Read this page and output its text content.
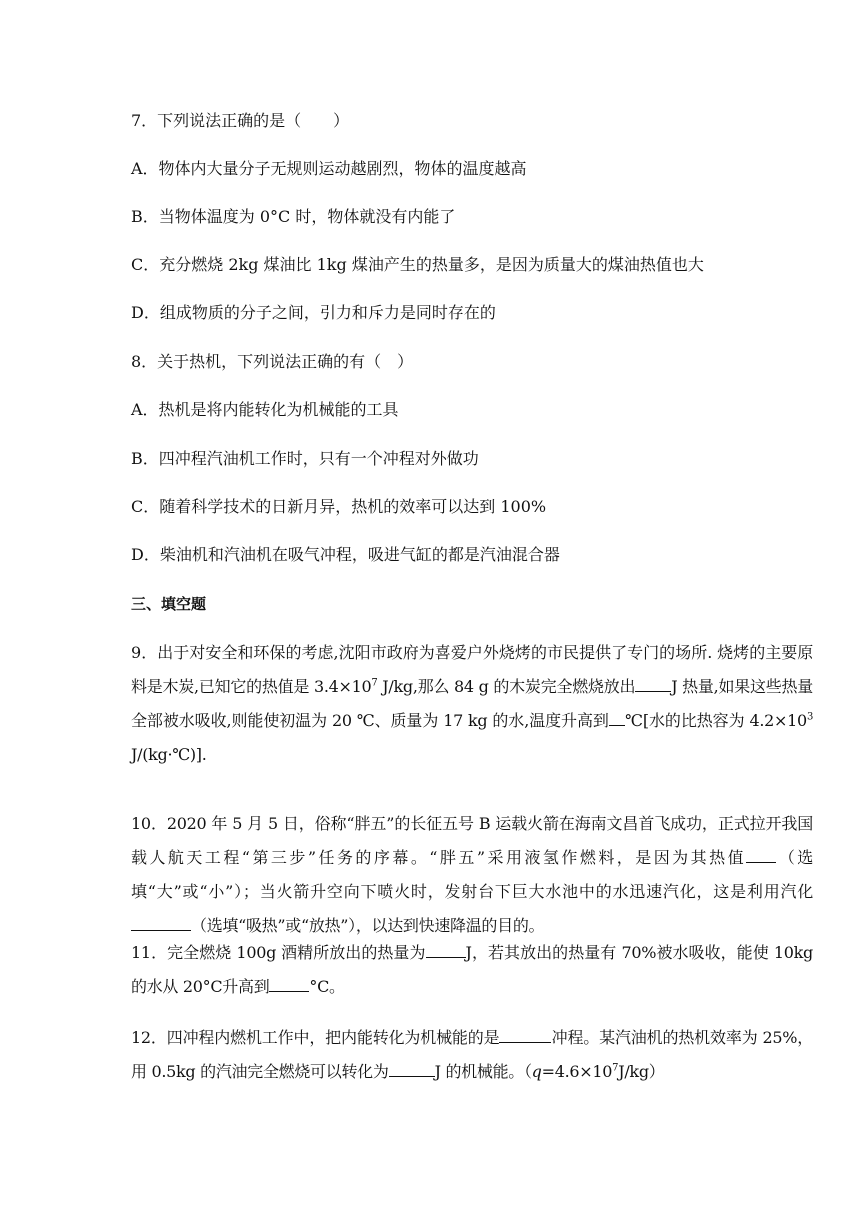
7．下列说法正确的是（　　）
A．物体内大量分子无规则运动越剧烈，物体的温度越高
B．当物体温度为 0°C 时，物体就没有内能了
C．充分燃烧 2kg 煤油比 1kg 煤油产生的热量多，是因为质量大的煤油热值也大
D．组成物质的分子之间，引力和斥力是同时存在的
8．关于热机，下列说法正确的有（　）
A．热机是将内能转化为机械能的工具
B．四冲程汽油机工作时，只有一个冲程对外做功
C．随着科学技术的日新月异，热机的效率可以达到 100%
D．柴油机和汽油机在吸气冲程，吸进气缸的都是汽油混合器
三、填空题
9．出于对安全和环保的考虑,沈阳市政府为喜爱户外烧烤的市民提供了专门的场所. 烧烤的主要原料是木炭,已知它的热值是 $3.4\times 10^7$ J/kg,那么 84 g 的木炭完全燃烧放出 J 热量,如果这些热量全部被水吸收,则能使初温为 20 ℃、质量为 17 kg 的水,温度升高到 ℃[水的比热容为 $4.2\times 10^3$ J/(kg·℃)].
10．2020 年 5 月 5 日，俗称“胖五”的长征五号 B 运载火箭在海南文昌首飞成功，正式拉开我国载人航天工程“第三步”任务的序幕。“胖五”采用液氢作燃料，是因为其热值 （选填“大”或“小”）；当火箭升空向下喷火时，发射台下巨大水池中的水迅速汽化，这是利用汽化（选填“吸热”或“放热”），以达到快速降温的目的。
11．完全燃烧 100g 酒精所放出的热量为	J，若其放出的热量有 70%被水吸收，能使 10kg 的水从 20°C升高到	°C。
12．四冲程内燃机工作中，把内能转化为机械能的是	冲程。某汽油机的热机效率为 25%，用 0.5kg 的汽油完全燃烧可以转化为	J 的机械能。$(q=4.6\times 10^7J/kg)$
